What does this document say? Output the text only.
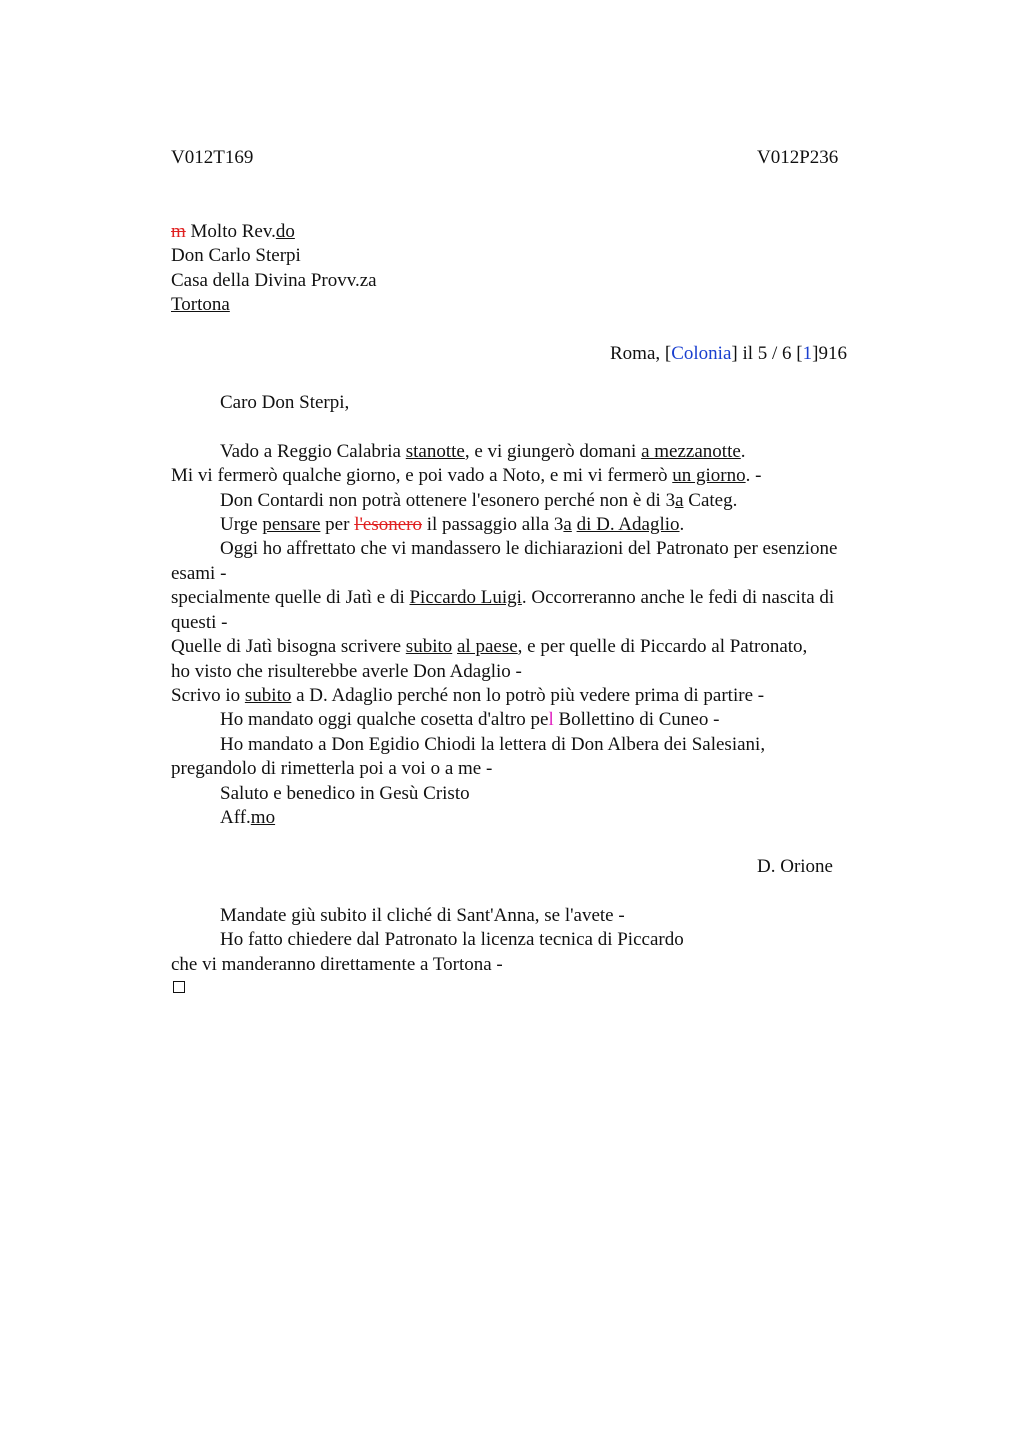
V012T169	V012P236
m Molto Rev.do
Don Carlo Sterpi
Casa della Divina Provv.za
Tortona
Roma, [Colonia] il 5 / 6 [1]916
Caro Don Sterpi,
Vado a Reggio Calabria stanotte, e vi giungerò domani a mezzanotte.
Mi vi fermerò qualche giorno, e poi vado a Noto, e mi vi fermerò un giorno. -
Don Contardi non potrà ottenere l'esonero perché non è di 3a Categ.
Urge pensare per l'esonero il passaggio alla 3a di D. Adaglio.
Oggi ho affrettato che vi mandassero le dichiarazioni del Patronato per esenzione
esami -
specialmente quelle di Jatì e di Piccardo Luigi. Occorreranno anche le fedi di nascita di
questi -
Quelle di Jatì bisogna scrivere subito al paese, e per quelle di Piccardo al Patronato,
ho visto che risulterebbe averle Don Adaglio -
Scrivo io subito a D. Adaglio perché non lo potrò più vedere prima di partire -
Ho mandato oggi qualche cosetta d'altro pel Bollettino di Cuneo -
Ho mandato a Don Egidio Chiodi la lettera di Don Albera dei Salesiani,
pregandolo di rimetterla poi a voi o a me -
Saluto e benedico in Gesù Cristo
Aff.mo
D. Orione
Mandate giù subito il cliché di Sant'Anna, se l'avete -
Ho fatto chiedere dal Patronato la licenza tecnica di Piccardo
che vi manderanno direttamente a Tortona -
